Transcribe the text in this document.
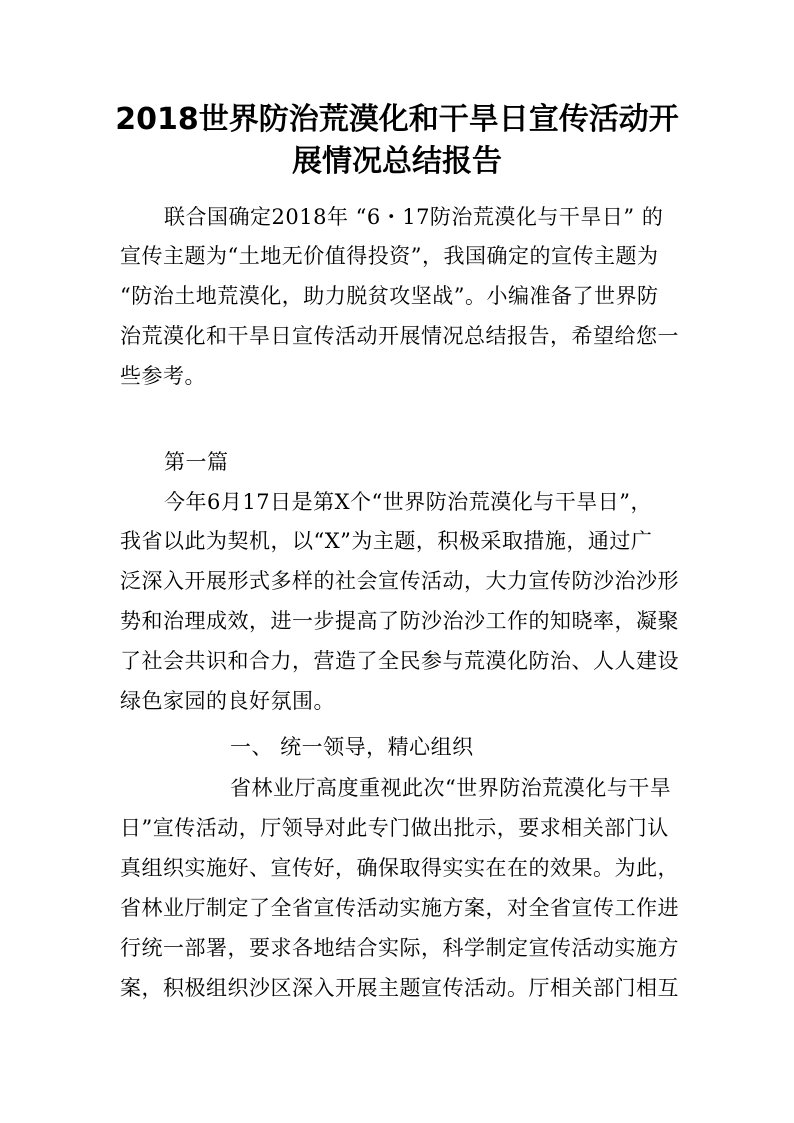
2018世界防治荒漠化和干旱日宣传活动开
展情况总结报告
联合国确定2018年 “6・17防治荒漠化与干旱日” 的
宣传主题为“土地无价值得投资”，我国确定的宣传主题为
“防治土地荒漠化，助力脱贫攻坚战”。小编准备了世界防
治荒漠化和干旱日宣传活动开展情况总结报告，希望给您一
些参考。
第一篇
今年6月17日是第X个“世界防治荒漠化与干旱日”，
我省以此为契机，以“X”为主题，积极采取措施，通过广
泛深入开展形式多样的社会宣传活动，大力宣传防沙治沙形
势和治理成效，进一步提高了防沙治沙工作的知晓率，凝聚
了社会共识和合力，营造了全民参与荒漠化防治、人人建设
绿色家园的良好氛围。
一、 统一领导，精心组织
省林业厅高度重视此次“世界防治荒漠化与干旱
日”宣传活动，厅领导对此专门做出批示，要求相关部门认
真组织实施好、宣传好，确保取得实实在在的效果。为此，
省林业厅制定了全省宣传活动实施方案，对全省宣传工作进
行统一部署，要求各地结合实际，科学制定宣传活动实施方
案，积极组织沙区深入开展主题宣传活动。厅相关部门相互
